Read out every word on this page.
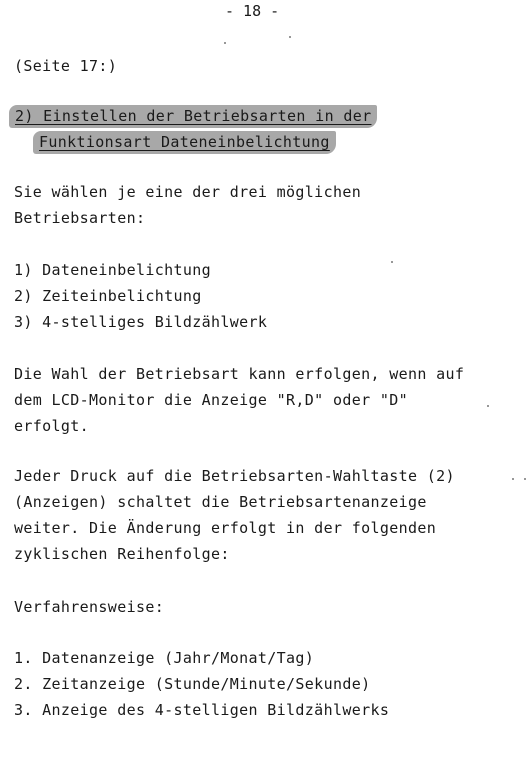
- 18 -
(Seite 17:)
2) Einstellen der Betriebsarten in der
Funktionsart Dateneinbelichtung
Sie wählen je eine der drei möglichen
Betriebsarten:
1) Dateneinbelichtung
2) Zeiteinbelichtung
3) 4-stelliges Bildzählwerk
Die Wahl der Betriebsart kann erfolgen, wenn auf
dem LCD-Monitor die Anzeige "R,D" oder "D"
erfolgt.
Jeder Druck auf die Betriebsarten-Wahltaste (2)
(Anzeigen) schaltet die Betriebsartenanzeige
weiter. Die Änderung erfolgt in der folgenden
zyklischen Reihenfolge:
Verfahrensweise:
1. Datenanzeige (Jahr/Monat/Tag)
2. Zeitanzeige (Stunde/Minute/Sekunde)
3. Anzeige des 4-stelligen Bildzählwerks
